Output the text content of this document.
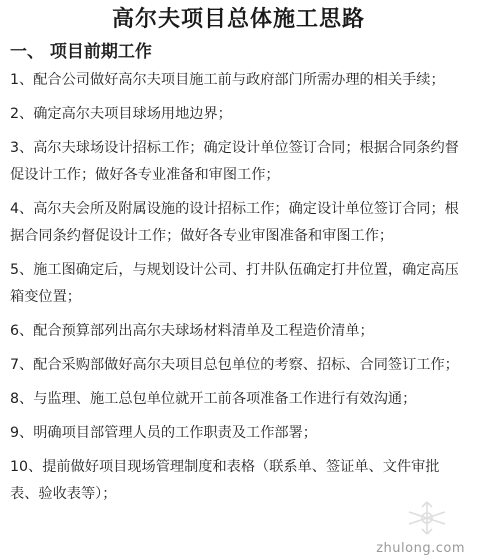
高尔夫项目总体施工思路
一、 项目前期工作

1、配合公司做好高尔夫项目施工前与政府部门所需办理的相关手续；

2、确定高尔夫项目球场用地边界；

3、高尔夫球场设计招标工作；确定设计单位签订合同；根据合同条约督促设计工作；做好各专业准备和审图工作；

4、高尔夫会所及附属设施的设计招标工作；确定设计单位签订合同；根据合同条约督促设计工作；做好各专业审图准备和审图工作；

5、施工图确定后，与规划设计公司、打井队伍确定打井位置，确定高压箱变位置；

6、配合预算部列出高尔夫球场材料清单及工程造价清单；

7、配合采购部做好高尔夫项目总包单位的考察、招标、合同签订工作；

8、与监理、施工总包单位就开工前各项准备工作进行有效沟通；

9、明确项目部管理人员的工作职责及工作部署；

10、提前做好项目现场管理制度和表格（联系单、签证单、文件审批表、验收表等）；

zhulong.com
